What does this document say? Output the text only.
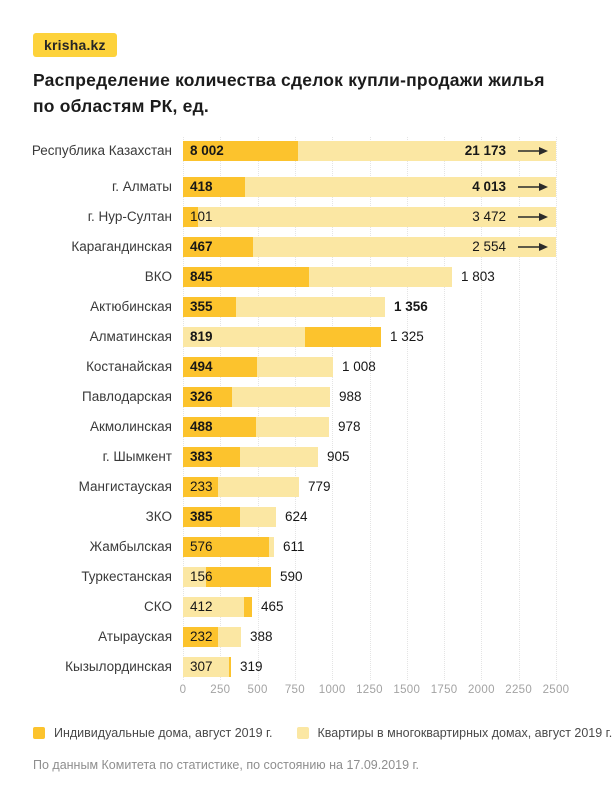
krisha.kz
Распределение количества сделок купли-продажи жилья
по областям РК, ед.
0	250	500	750	1000 1250 1500 1750 2000 2250 2500
Республика Казахстан 8 002	21 173
г. Алматы 418	4 013
г. Нур-Султан 101	3 472
Карагандинская 467	2 554
ВКО 845	1 803
Актюбинская 355	1 356
Алматинская 819	1 325
Костанайская 494	1 008
Павлодарская 326	988
Акмолинская 488	978
г. Шымкент 383	905
Мангистауская 233	779
ЗКО 385	624
Жамбылская 576	611
Туркестанская 156	590
СКО 412	465
Атырауская 232	388
Кызылординская 307 319
Индивидуальные дома, август 2019 г.	Квартиры в многоквартирных домах, август 2019 г.
По данным Комитета по статистике, по состоянию на 17.09.2019 г.
